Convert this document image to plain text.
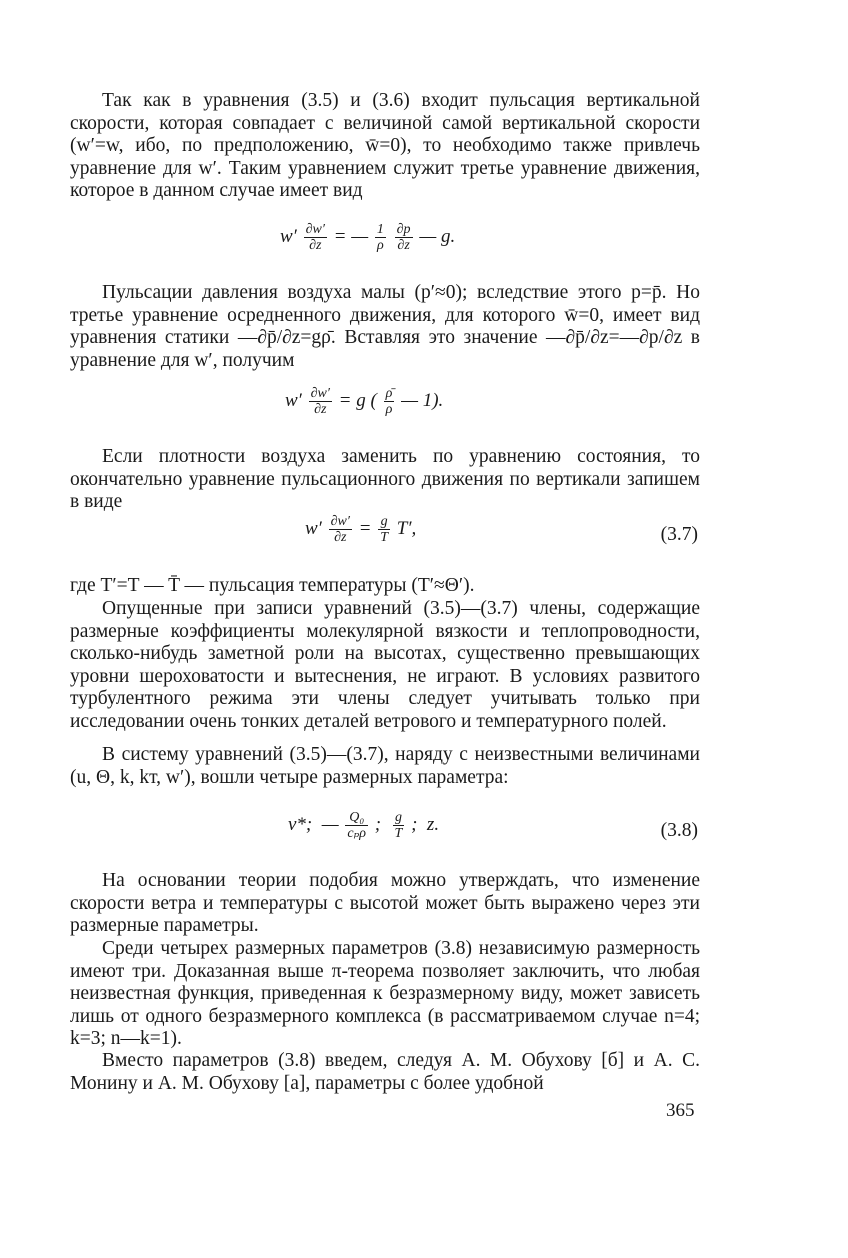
Так как в уравнения (3.5) и (3.6) входит пульсация вертикальной скорости, которая совпадает с величиной самой вертикальной скорости (w′=w, ибо, по предположению, w̄=0), то необходимо также привлечь уравнение для w′. Таким уравнением служит третье уравнение движения, которое в данном случае имеет вид

$w' \frac{\partial w'}{\partial z}$ = — $\frac{1}{\rho}$
$\frac{\partial p}{\partial z}$ — g.

Пульсации давления воздуха малы (p′≈0); вследствие этого p=p̄. Но третье уравнение осредненного движения, для которого w̄=0, имеет вид уравнения статики —∂p̄/∂z=gρ̄. Вставляя это значение —∂p̄/∂z=—∂p/∂z в уравнение для w′, получим

$w' \frac{\partial w'}{\partial z} = g$ ( $\frac{\rhō}{\rho}$ — 1).

Если плотности воздуха заменить по уравнению состояния, то окончательно уравнение пульсационного движения по вертикали запишем в виде

$w' \frac{\partial w'}{\partial z} = \frac{g}{T} T'$,	(3.7)

где T′=T — T̄ — пульсация температуры (T′≈Θ′).

Опущенные при записи уравнений (3.5)—(3.7) члены, содержащие размерные коэффициенты молекулярной вязкости и теплопроводности, сколько-нибудь заметной роли на высотах, существенно превышающих уровни шероховатости и вытеснения, не играют. В условиях развитого турбулентного режима эти члены следует учитывать только при исследовании очень тонких деталей ветрового и температурного полей.

В систему уравнений (3.5)—(3.7), наряду с неизвестными величинами (u, Θ, k, kт, w′), вошли четыре размерных параметра:

v*; — $\frac{\text{Q₀}}{\text{cₚρ}}$ ; $\frac{g}{T}$ ; z.	(3.8)

На основании теории подобия можно утверждать, что изменение скорости ветра и температуры с высотой может быть выражено через эти размерные параметры.

Среди четырех размерных параметров (3.8) независимую размерность имеют три. Доказанная выше π-теорема позволяет заключить, что любая неизвестная функция, приведенная к безразмерному виду, может зависеть лишь от одного безразмерного комплекса (в рассматриваемом случае n=4; k=3; n—k=1).

Вместо параметров (3.8) введем, следуя А. М. Обухову [б] и А. С. Монину и А. М. Обухову [а], параметры с более удобной

365
